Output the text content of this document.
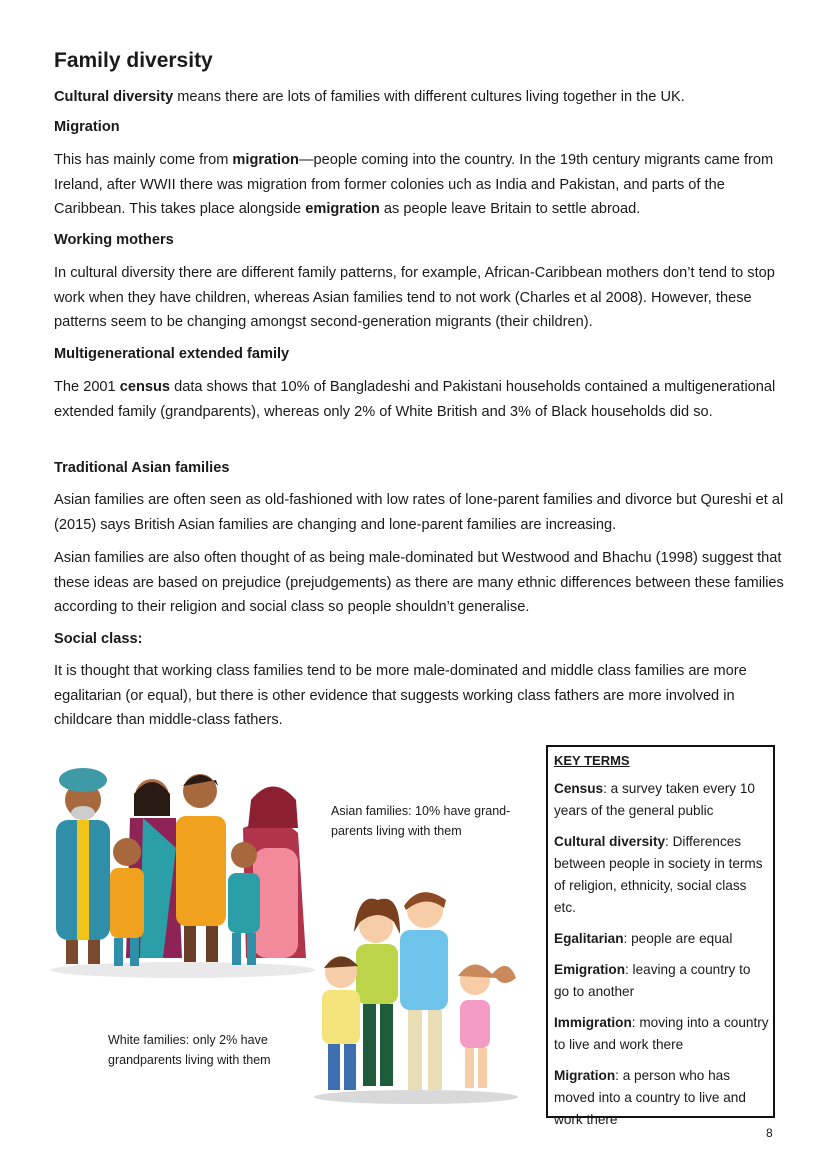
Family diversity

Cultural diversity means there are lots of families with different cultures living together in the UK.

Migration

This has mainly come from migration—people coming into the country. In the 19th century migrants came from Ireland, after WWII there was migration from former colonies uch as India and Pakistan, and parts of the Caribbean. This takes place alongside emigration as people leave Britain to settle abroad.

Working mothers

In cultural diversity there are different family patterns, for example, African-Caribbean mothers don’t tend to stop work when they have children, whereas Asian families tend to not work (Charles et al 2008). However, these patterns seem to be changing amongst second-generation migrants (their children).

Multigenerational extended family

The 2001 census data shows that 10% of Bangladeshi and Pakistani households contained a multigenerational extended family (grandparents), whereas only 2% of White British and 3% of Black households did so.

Traditional Asian families

Asian families are often seen as old-fashioned with low rates of lone-parent families and divorce but Qureshi et al (2015) says British Asian families are changing and lone-parent families are increasing.

Asian families are also often thought of as being male-dominated but Westwood and Bhachu (1998) suggest that these ideas are based on prejudice (prejudgements) as there are many ethnic differences between these families according to their religion and social class so people shouldn’t generalise.

Social class:

It is thought that working class families tend to be more male-dominated and middle class families are more egalitarian (or equal), but there is other evidence that suggests working class fathers are more involved in childcare than middle-class fathers.

Asian families: 10% have grand-parents living with them

White families: only 2% have grandparents living with them

KEY TERMS

Census: a survey taken every 10 years of the general public

Cultural diversity: Differences between people in society in terms of religion, ethnicity, social class etc.

Egalitarian: people are equal

Emigration: leaving a country to go to another

Immigration: moving into a country to live and work there

Migration: a person who has moved into a country to live and work there

8
